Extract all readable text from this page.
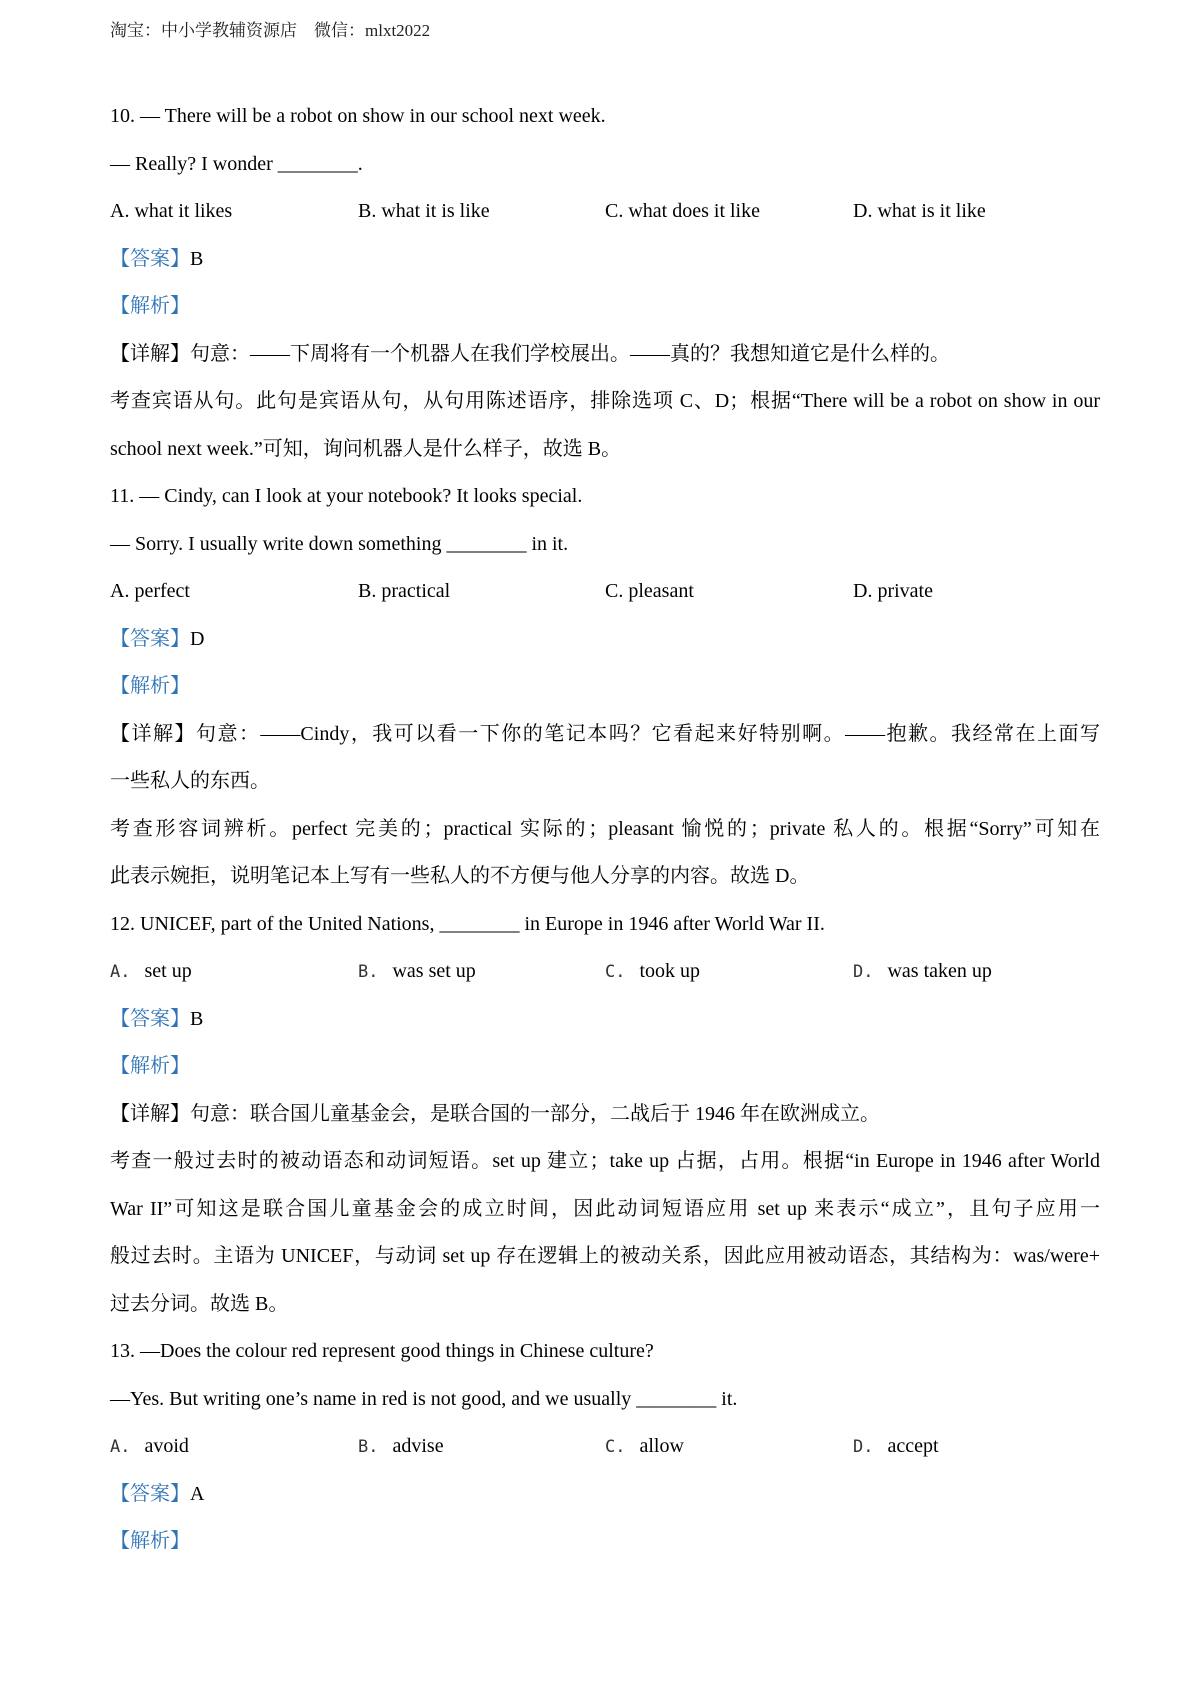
淘宝：中小学教辅资源店　微信：mlxt2022
10. — There will be a robot on show in our school next week.
— Really? I wonder ________.
A. what it likes	B. what it is like	C. what does it like	D. what is it like
【答案】B
【解析】
【详解】句意：——下周将有一个机器人在我们学校展出。——真的？我想知道它是什么样的。
考查宾语从句。此句是宾语从句，从句用陈述语序，排除选项 C、D；根据“There will be a robot on show in our
school next week.”可知，询问机器人是什么样子，故选 B。
11. — Cindy, can I look at your notebook? It looks special.
— Sorry. I usually write down something ________ in it.
A. perfect	B. practical	C. pleasant	D. private
【答案】D
【解析】
【详解】句意：——Cindy，我可以看一下你的笔记本吗？它看起来好特别啊。——抱歉。我经常在上面写
一些私人的东西。
考查形容词辨析。perfect 完美的；practical 实际的；pleasant 愉悦的；private 私人的。根据“Sorry”可知在
此表示婉拒，说明笔记本上写有一些私人的不方便与他人分享的内容。故选 D。
12. UNICEF, part of the United Nations, ________ in Europe in 1946 after World War II.
A. set up	B. was set up	C. took up	D. was taken up
【答案】B
【解析】
【详解】句意：联合国儿童基金会，是联合国的一部分，二战后于 1946 年在欧洲成立。
考查一般过去时的被动语态和动词短语。set up 建立；take up 占据，占用。根据“in Europe in 1946 after World
War II”可知这是联合国儿童基金会的成立时间，因此动词短语应用 set up 来表示“成立”，且句子应用一
般过去时。主语为 UNICEF，与动词 set up 存在逻辑上的被动关系，因此应用被动语态，其结构为：was/were+
过去分词。故选 B。
13. —Does the colour red represent good things in Chinese culture?
—Yes. But writing one’s name in red is not good, and we usually ________ it.
A. avoid	B. advise	C. allow	D. accept
【答案】A
【解析】
